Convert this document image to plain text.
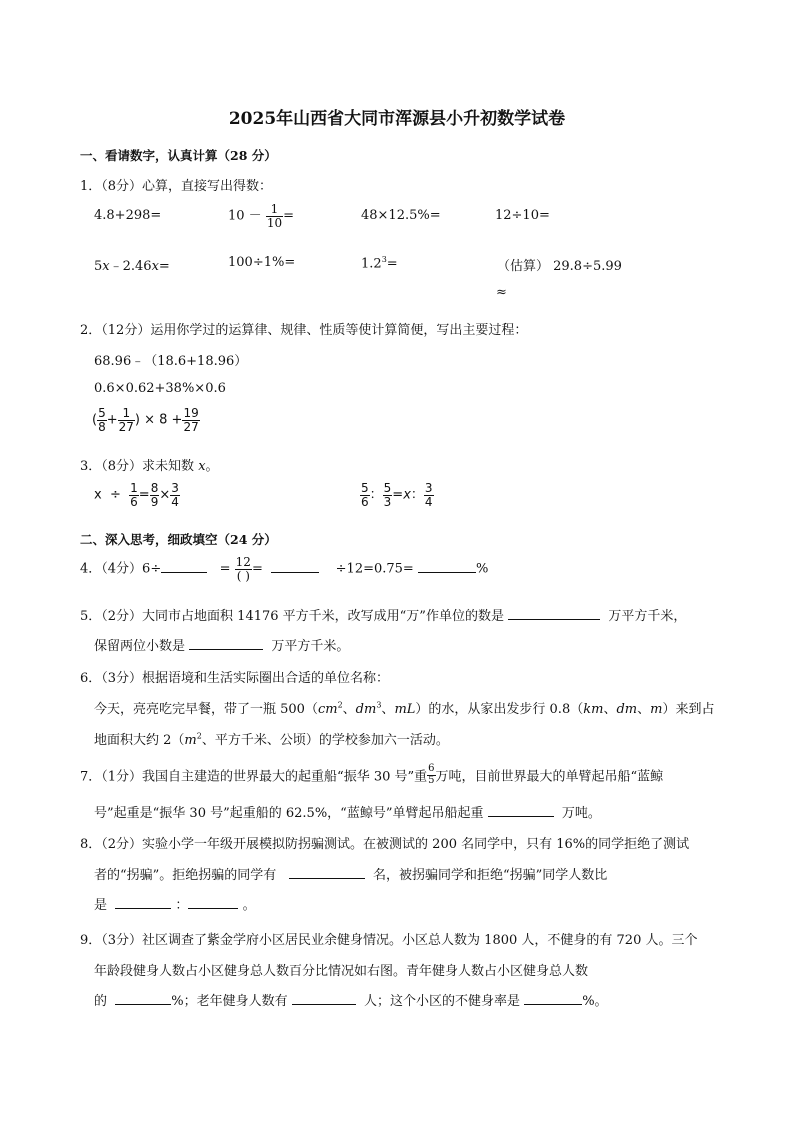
2025年山西省大同市浑源县小升初数学试卷
一、看请数字，认真计算（28 分）
1．（8分）心算，直接写出得数：
4.8+298=	$10 - \frac{1}{10}$ =	48×12.5%=	12÷10=
5x﹣2.46x=	100÷1%=	$1.2^3=$	（估算） 29.8÷5.99
≈
2．（12分）运用你学过的运算律、规律、性质等使计算简便，写出主要过程：
68.96﹣（18.6+18.96）
0.6×0.62+38%×0.6
( $\frac{5}{8} + \frac{1}{27}$ ) × $8 + \frac{19}{27}$
3．（8分）求未知数 x。
$x \div \frac{1}{6} = \frac{8}{9} \times \frac{3}{4}$	$\frac{5}{6}$ ： $\frac{5}{3} =x$： $\frac{3}{4}$
二、深入思考，细政填空（24 分）
4．（4分）6÷	= $\frac{12}{( )}$ =	÷12=0.75=	%
5．（2分）大同市占地面积 14176 平方千米，改写成用“万”作单位的数是	万平方千米，
保留两位小数是	万平方千米。
6．（3分）根据语境和生活实际圈出合适的单位名称：
今天，亮亮吃完早餐，带了一瓶 $500(cm^2$、$dm^3$、mL）的水，从家出发步行 0.8（km、dm、m）来到占
地面积大约 $2(m^2$、平方千米、公顷）的学校参加六一活动。
7．（1分）我国自主建造的世界最大的起重船“振华 30 号”重 $\frac{6}{5}$ 万吨，目前世界最大的单臂起吊船“蓝鲸
号”起重是“振华 30 号”起重船的 62.5%，“蓝鲸号”单臂起吊船起重	万吨。
8．（2分）实验小学一年级开展模拟防拐骗测试。在被测试的 200 名同学中，只有 16%的同学拒绝了测试
者的“拐骗”。拒绝拐骗的同学有	名，被拐骗同学和拒绝“拐骗”同学人数比
是	：	。
9．（3分）社区调查了紫金学府小区居民业余健身情况。小区总人数为 1800 人，不健身的有 720 人。三个
年龄段健身人数占小区健身总人数百分比情况如右图。青年健身人数占小区健身总人数
的	%；老年健身人数有	人；这个小区的不健身率是	%。
